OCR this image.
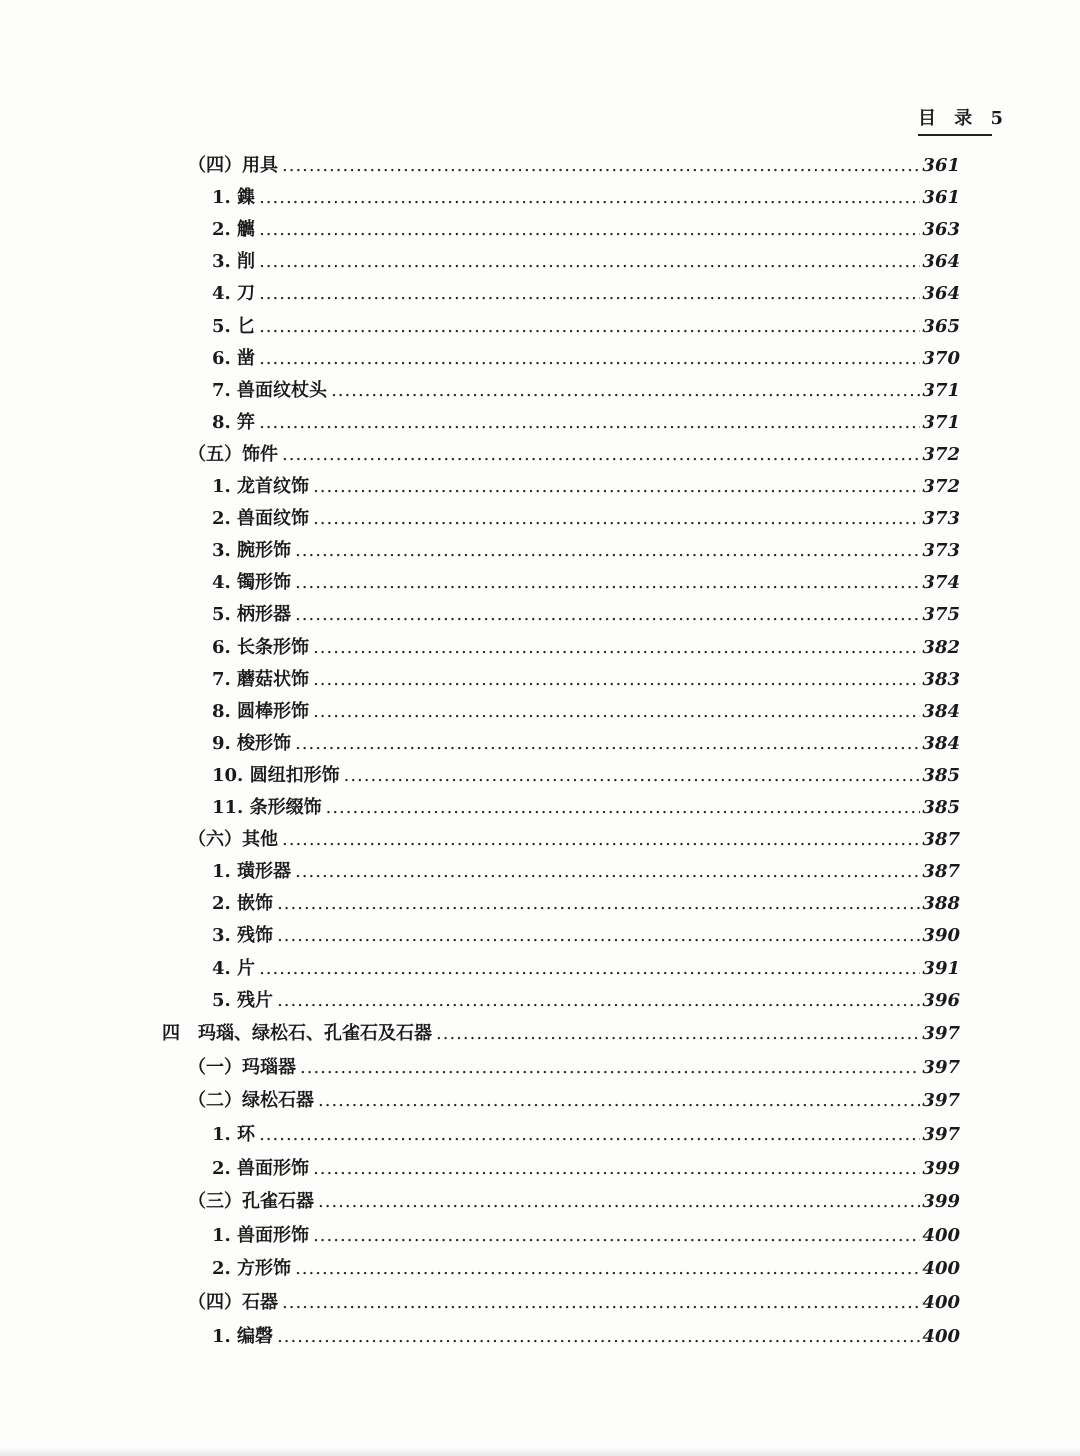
目 录 5
（四）用具 .....	361
1. 鏶 .....	361
2. 觽 .....	363
3. 削 .....	364
4. 刀 .....	364
5. 匕 .....	365
6. 凿 .....	370
7. 兽面纹杖头 .....	371
8. 笄 .....	371
（五）饰件 .....	372
1. 龙首纹饰 .....	372
2. 兽面纹饰 .....	373
3. 腕形饰 .....	373
4. 镯形饰 .....	374
5. 柄形器 .....	375
6. 长条形饰 .....	382
7. 蘑菇状饰 .....	383
8. 圆棒形饰 .....	384
9. 梭形饰 .....	384
10. 圆纽扣形饰 .....	385
11. 条形缀饰 .....	385
（六）其他 .....	387
1. 璜形器 .....	387
2. 嵌饰 .....	388
3. 残饰 .....	390
4. 片 .....	391
5. 残片 .....	396
四　玛瑙、绿松石、孔雀石及石器 .....	397
（一）玛瑙器 .....	397
（二）绿松石器 .....	397
1. 环 .....	397
2. 兽面形饰 .....	399
（三）孔雀石器 .....	399
1. 兽面形饰 .....	400
2. 方形饰 .....	400
（四）石器 .....	400
1. 编磬 .....	400
